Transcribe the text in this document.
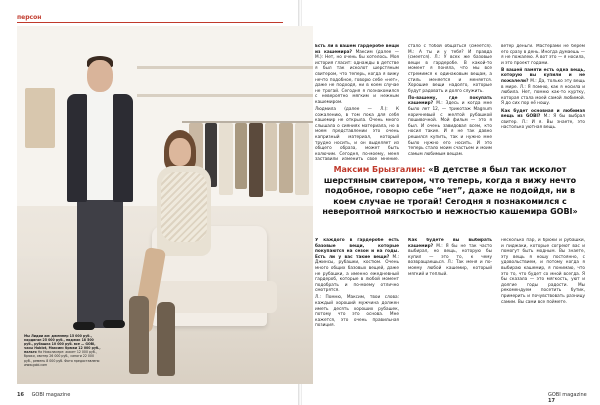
персон
Мы Лидии ам: джемпер 15 000 руб., кардиган 25 000 руб., пиджак 18 500 руб., рубашка 10 000 руб. все — GOBI, часы Hublot, Максим: брюки 12 000 руб., пальто На Николасере: жакет 12 000 руб., брюки, свитер 26 000 руб., сапоги 22 000 руб., ремень 8 000 руб. Фото предоставлено www.gobi.com
16 GOBI magazine	GOBI magazine 17

Есть ли в вашем гардеробе вещи из кашемира? Максим (далее — М.): Нет, но очень бы хотелось. Моя история гласит: однажды в детстве я был так исколот шерстяным свитером, что теперь, когда я вижу нечто подобное, говорю себе «нет», даже не подходя, ни в коем случае не трогай. Сегодня я познакомился с невероятно мягким и нежным кашемиром.

Людмила (далее — Л.): К сожалению, в том пока для себя кашемир не открыла. Очень много слышала о сияниях материала, но в моем представлении это очень капризный материал, который трудно носить, и он выделяет из общего образа, может быть колючим. Сегодня, по-моему, меня заставили изменить свое мнение.

стало с тобой общаться (смеется). М.: А ты и у тебя? И правда (смеется). Л.: У всех же базовые вещи в гардеробе. В какой-то момент я поняла, что мы все стремимся к одинаковым вещам, а стиль меняется и меняется. Хорошие вещи надолго, которые будут радовать и долго служить.

По-вашему, где покупать кашемир? М.: Здесь и когда мне было лет 12, — трикотаж Magnum коричневый с желтой рубашкой пошивочной. Мой фильм — это я был. И очень завидовал всем, кто носил такие. И я не так давно решился купить, так и нужно мне было нужно его носить. И это теперь стало моим счастьем и моим самым любимым вещам.

ветер деньги. Мастерами не берем его сразу в день. Иногда думаешь — я не пожалею. А вот это — я носила, и это проект годами.

В вашей памяти есть одна вещь, которую вы купили и не пожалели? М.: Да, только эту вещь в мире. Л.: Я помню, как я носила и любила. Нет, помню как-то куртку, которая стала моей самой любимой. Я до сих пор её ношу.

Как будет основная и любимая вещь из GOBI? М.: Я бы выбрал свитер. Л.: И я. Вы знаете, это настолько уютная вещь.

Максим Брызгалин: «В детстве я был так исколот шерстяным свитером, что теперь, когда я вижу нечто подобное, говорю себе “нет”, даже не подойдя, ни в коем случае не трогай! Сегодня я познакомился с невероятной мягкостью и нежностью кашемира GOBI»

У каждого в гардеробе есть базовые вещи, которые покупаются на сезон и на годы. Есть ли у вас такие вещи? М.: Джинсы, рубашки, костюм. Очень много общих базовых вещей, даже не рубашки, а именно ежедневный гардероб, которые в любой момент подобрать и по-моему отлично смотрятся.

Л.: Помню, Максим, твои слова: каждый хороший мужчина должен иметь десять хороших рубашек, потому что это основа. Мне кажется, это очень правильная позиция.

Как будете вы выбирать кашемир? М.: Я бы не так часто выбирал, но вещь, которую бы купил — это то, к чему возвращаешься. Л.: Так меня и по-моему любой кашемир, который мягкий и теплый.

несколько пар, и брюки и рубашки, и пиджаки, которые согреют вас и помогут быть модным. Вы знаете, эту вещь я ношу постоянно, с удовольствием, и потому когда я выбираю кашемир, я понимаю, что это то, что будет со мной всегда. Я бы сказала — это мягкость, уют и долгие годы радости. Мы рекомендуем посетить бутик, примерить и почувствовать разницу самим. Вы сами все поймете.
